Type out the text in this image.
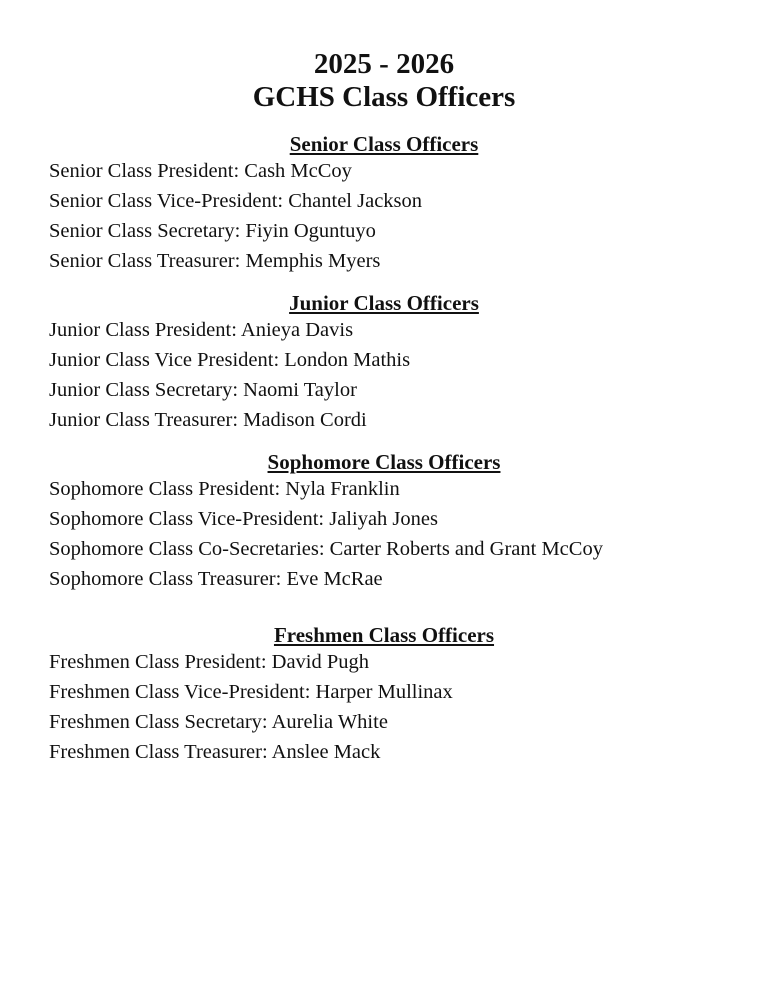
2025 - 2026
GCHS Class Officers
Senior Class Officers
Senior Class President: Cash McCoy
Senior Class Vice-President: Chantel Jackson
Senior Class Secretary: Fiyin Oguntuyo
Senior Class Treasurer: Memphis Myers
Junior Class Officers
Junior Class President: Anieya Davis
Junior Class Vice President: London Mathis
Junior Class Secretary: Naomi Taylor
Junior Class Treasurer: Madison Cordi
Sophomore Class Officers
Sophomore Class President: Nyla Franklin
Sophomore Class Vice-President: Jaliyah Jones
Sophomore Class Co-Secretaries: Carter Roberts and Grant McCoy
Sophomore Class Treasurer: Eve McRae
Freshmen Class Officers
Freshmen Class President: David Pugh
Freshmen Class Vice-President: Harper Mullinax
Freshmen Class Secretary: Aurelia White
Freshmen Class Treasurer: Anslee Mack
